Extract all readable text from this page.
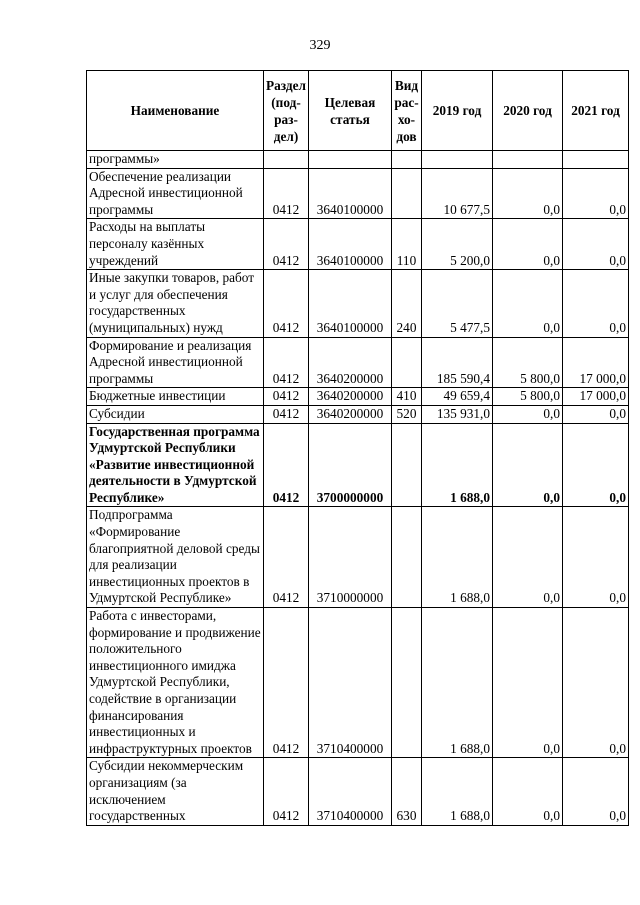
329
Наименование	Раздел (под-раз-дел)	Целевая статья	Вид рас-хо-дов	2019 год	2020 год	2021 год
программы»						
Обеспечение реализации Адресной инвестиционной программы	0412	3640100000		10 677,5	0,0	0,0
Расходы на выплаты персоналу казённых учреждений	0412	3640100000	110	5 200,0	0,0	0,0
Иные закупки товаров, работ и услуг для обеспечения государственных (муниципальных) нужд	0412	3640100000	240	5 477,5	0,0	0,0
Формирование и реализация Адресной инвестиционной программы	0412	3640200000		185 590,4	5 800,0	17 000,0
Бюджетные инвестиции	0412	3640200000	410	49 659,4	5 800,0	17 000,0
Субсидии	0412	3640200000	520	135 931,0	0,0	0,0
Государственная программа Удмуртской Республики «Развитие инвестиционной деятельности в Удмуртской Республике»	0412	3700000000		1 688,0	0,0	0,0
Подпрограмма «Формирование благоприятной деловой среды для реализации инвестиционных проектов в Удмуртской Республике»	0412	3710000000		1 688,0	0,0	0,0
Работа с инвесторами, формирование и продвижение положительного инвестиционного имиджа Удмуртской Республики, содействие в организации финансирования инвестиционных и инфраструктурных проектов	0412	3710400000		1 688,0	0,0	0,0
Субсидии некоммерческим организациям (за исключением государственных	0412	3710400000	630	1 688,0	0,0	0,0
